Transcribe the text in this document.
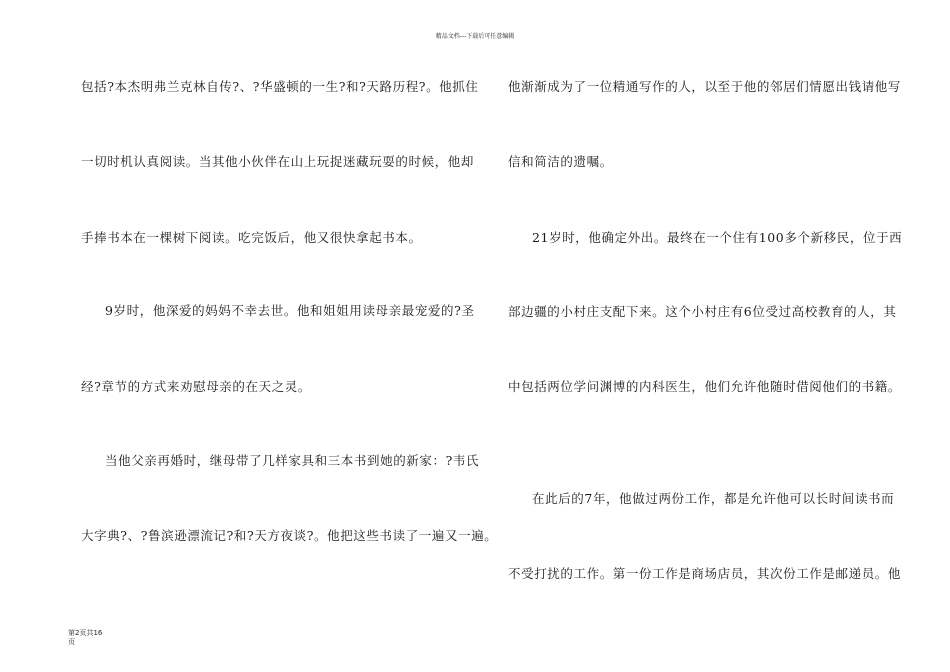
精品文档---下载后可任意编辑
包括?本杰明弗兰克林自传?、?华盛顿的一生?和?天路历程?。他抓住
一切时机认真阅读。当其他小伙伴在山上玩捉迷藏玩耍的时候，他却
手捧书本在一棵树下阅读。吃完饭后，他又很快拿起书本。
9岁时，他深爱的妈妈不幸去世。他和姐姐用读母亲最宠爱的?圣
经?章节的方式来劝慰母亲的在天之灵。
当他父亲再婚时，继母带了几样家具和三本书到她的新家：?韦氏
大字典?、?鲁滨逊漂流记?和?天方夜谈?。他把这些书读了一遍又一遍。
他渐渐成为了一位精通写作的人，以至于他的邻居们情愿出钱请他写
信和简洁的遗嘱。
21岁时，他确定外出。最终在一个住有100多个新移民，位于西
部边疆的小村庄支配下来。这个小村庄有6位受过高校教育的人，其
中包括两位学问渊博的内科医生，他们允许他随时借阅他们的书籍。
在此后的7年，他做过两份工作，都是允许他可以长时间读书而
不受打扰的工作。第一份工作是商场店员，其次份工作是邮递员。他
第2页共16
页
